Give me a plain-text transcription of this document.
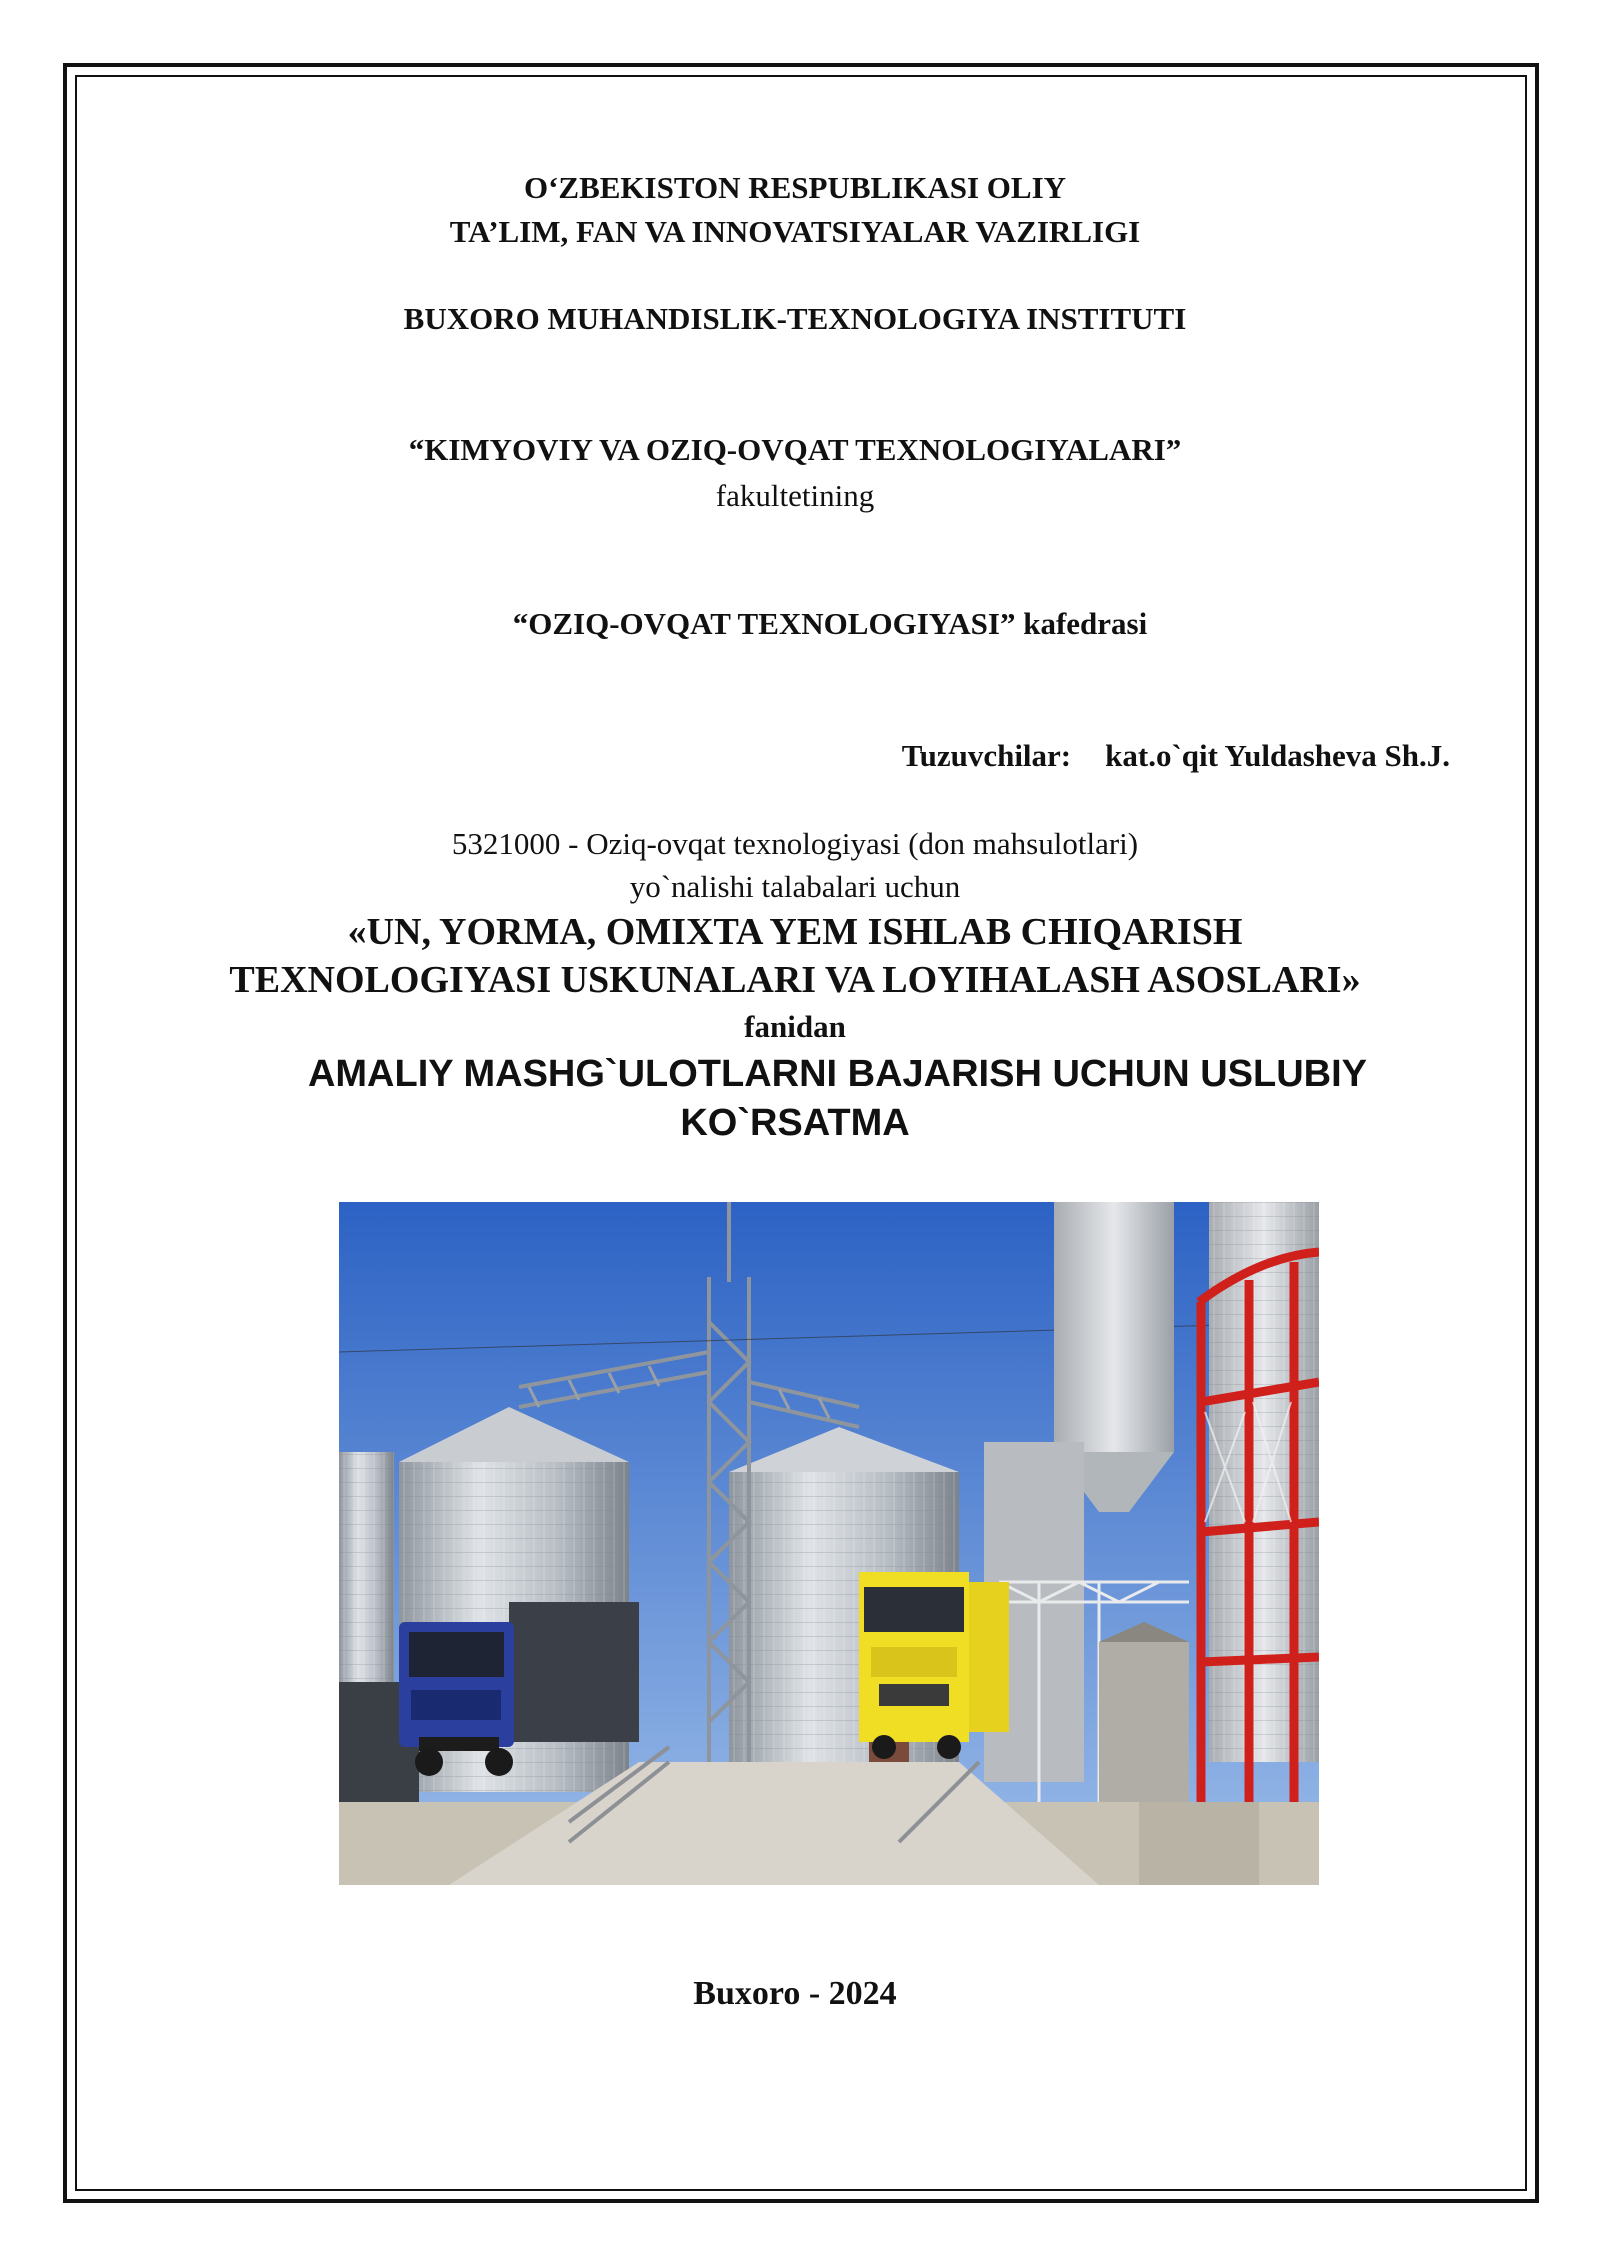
O‘ZBEKISTON RESPUBLIKASI OLIY
TA’LIM, FAN VA INNOVATSIYALAR VAZIRLIGI
BUXORO MUHANDISLIK-TEXNOLOGIYA INSTITUTI
“KIMYOVIY VA OZIQ-OVQAT TEXNOLOGIYALARI”
fakultetining
“OZIQ-OVQAT TEXNOLOGIYASI” kafedrasi
Tuzuvchilar: kat.o`qit Yuldasheva Sh.J.
5321000 - Oziq-ovqat texnologiyasi (don mahsulotlari)
yo`nalishi talabalari uchun
«UN, YORMA, OMIXTA YEM ISHLAB CHIQARISH
TEXNOLOGIYASI USKUNALARI VA LOYIHALASH ASOSLARI»
fanidan
AMALIY MASHG`ULOTLARNI BAJARISH UCHUN USLUBIY
KO`RSATMA
Buxoro - 2024
